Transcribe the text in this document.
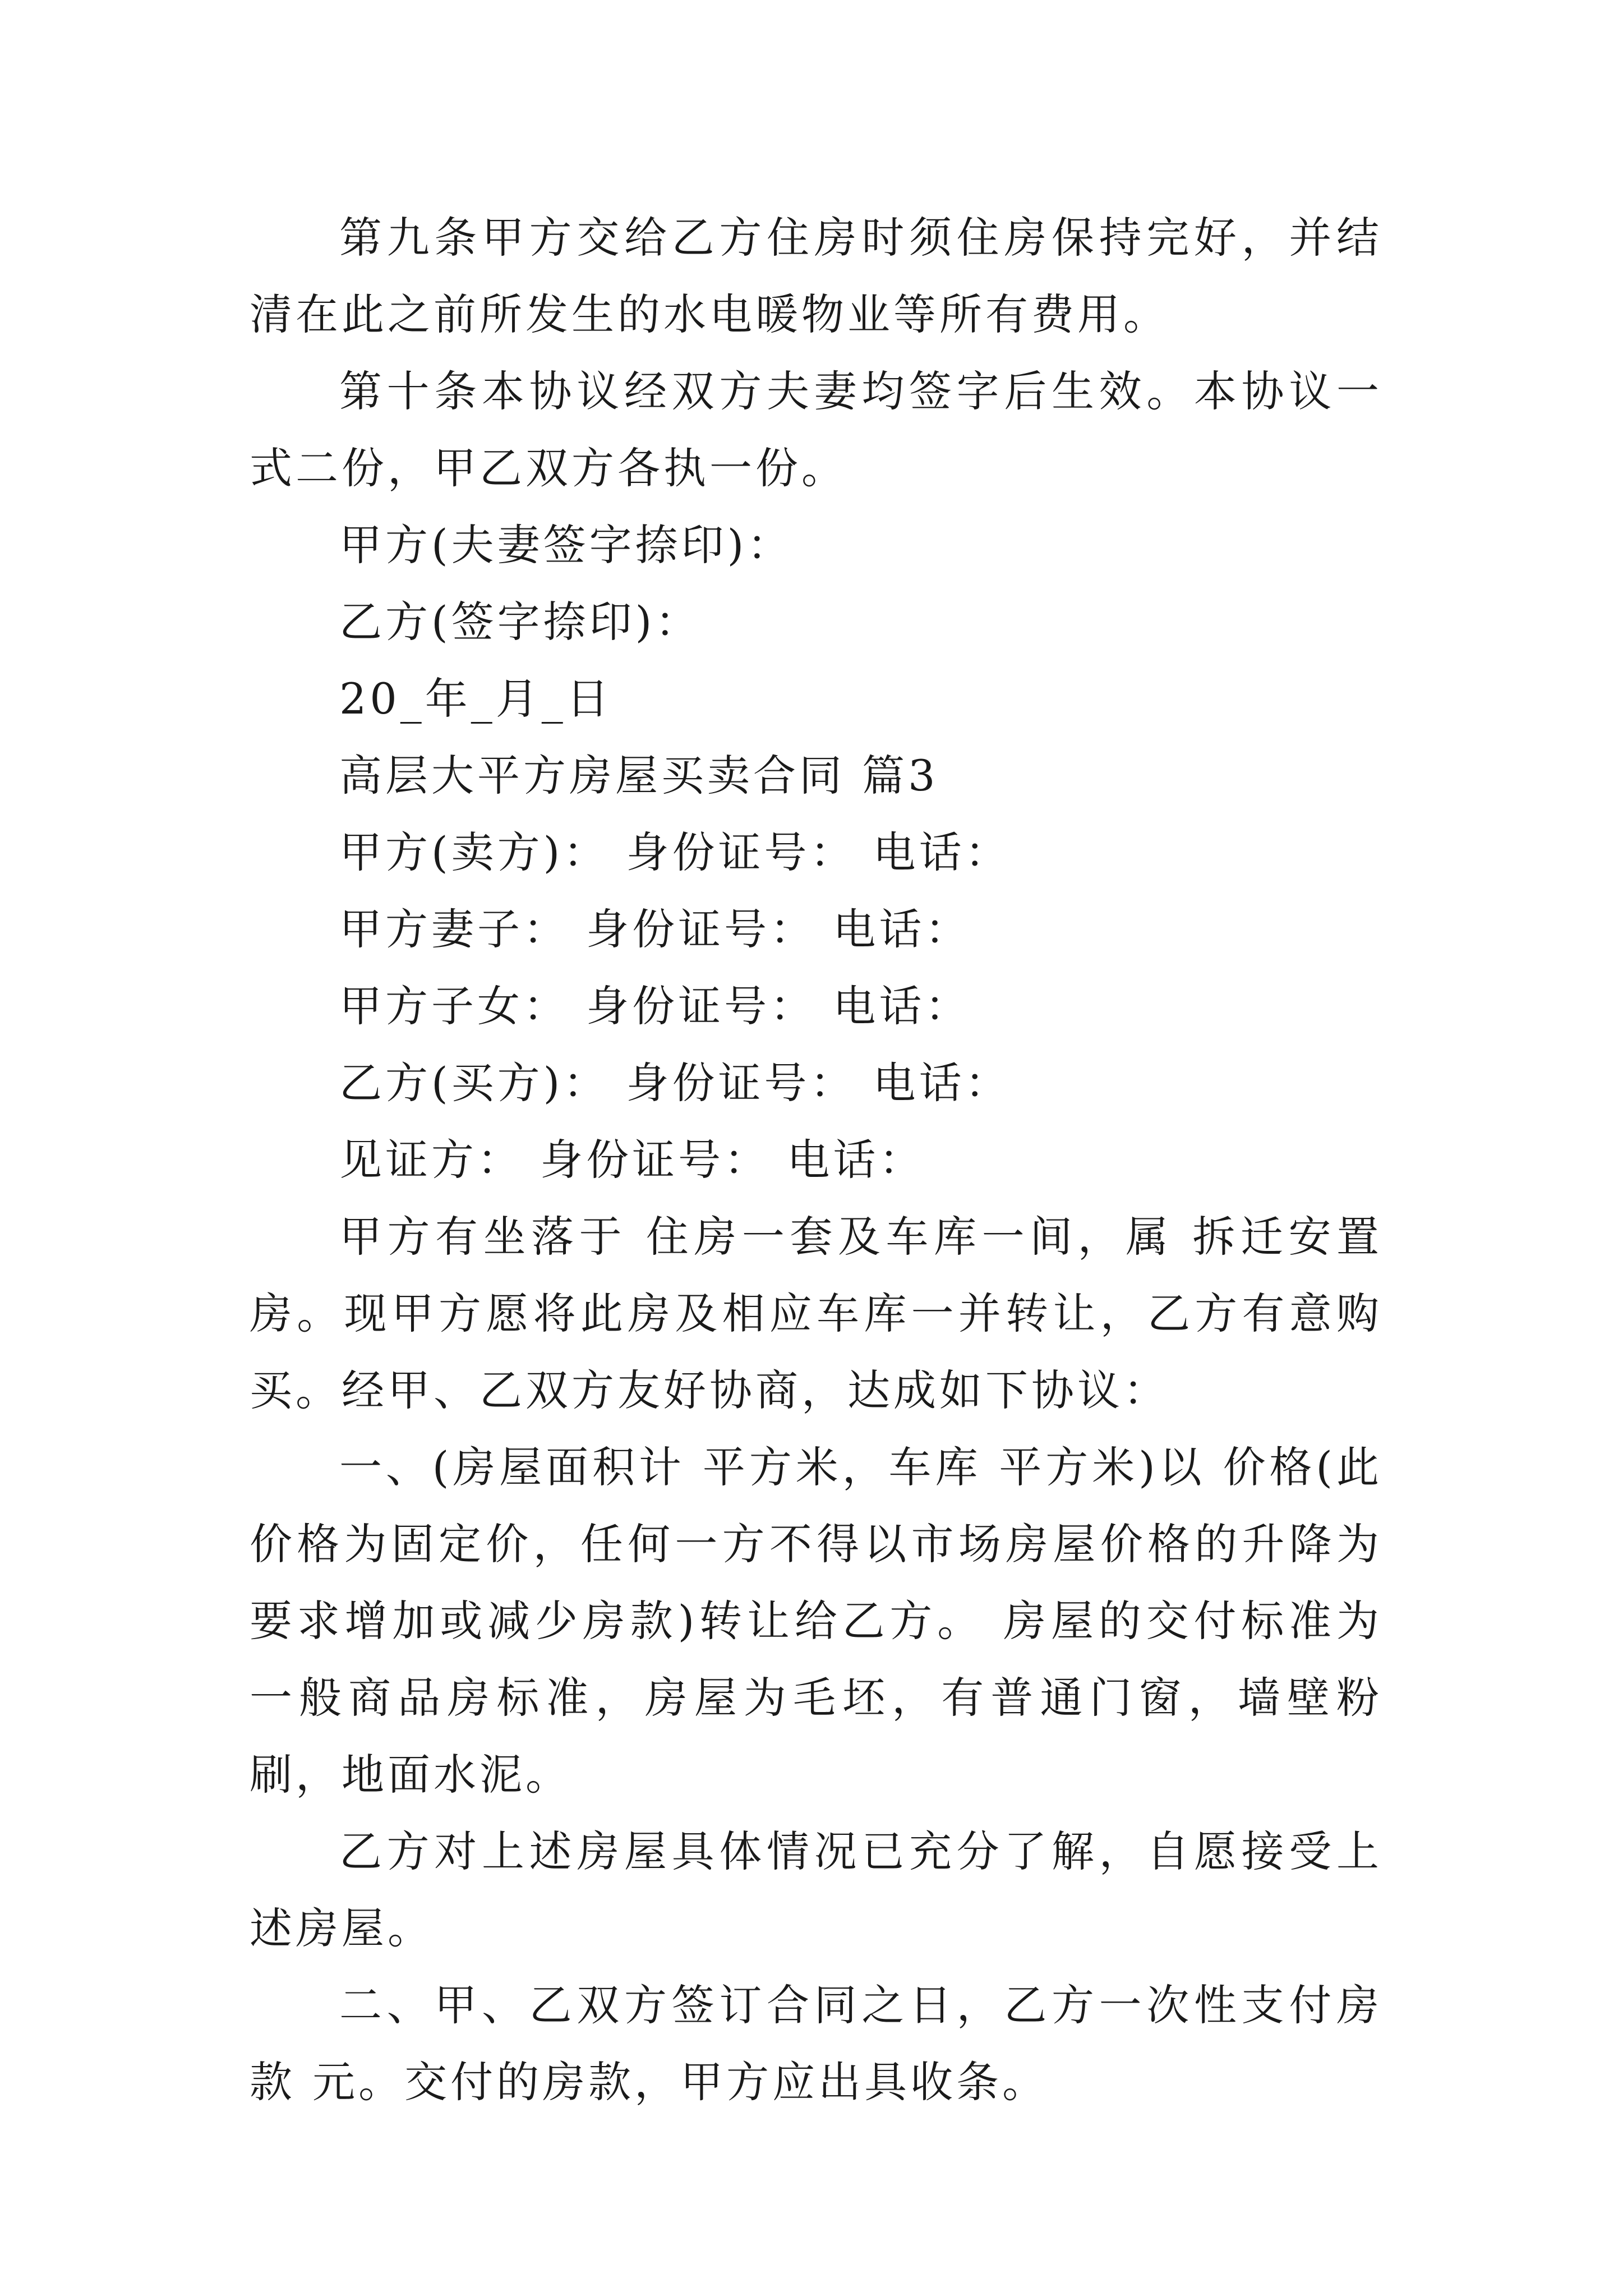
第九条甲方交给乙方住房时须住房保持完好，并结清在此之前所发生的水电暖物业等所有费用。

第十条本协议经双方夫妻均签字后生效。本协议一式二份，甲乙双方各执一份。

甲方(夫妻签字捺印)：

乙方(签字捺印)：

20_年_月_日

高层大平方房屋买卖合同 篇3

甲方(卖方)： 身份证号： 电话：

甲方妻子： 身份证号： 电话：

甲方子女： 身份证号： 电话：

乙方(买方)： 身份证号： 电话：

见证方： 身份证号： 电话：

甲方有坐落于 住房一套及车库一间，属 拆迁安置房。现甲方愿将此房及相应车库一并转让，乙方有意购买。经甲、乙双方友好协商，达成如下协议：

一、(房屋面积计 平方米，车库 平方米)以 价格(此价格为固定价，任何一方不得以市场房屋价格的升降为要求增加或减少房款)转让给乙方。 房屋的交付标准为一般商品房标准，房屋为毛坯，有普通门窗，墙壁粉刷，地面水泥。

乙方对上述房屋具体情况已充分了解，自愿接受上述房屋。

二、甲、乙双方签订合同之日，乙方一次性支付房款 元。交付的房款，甲方应出具收条。
